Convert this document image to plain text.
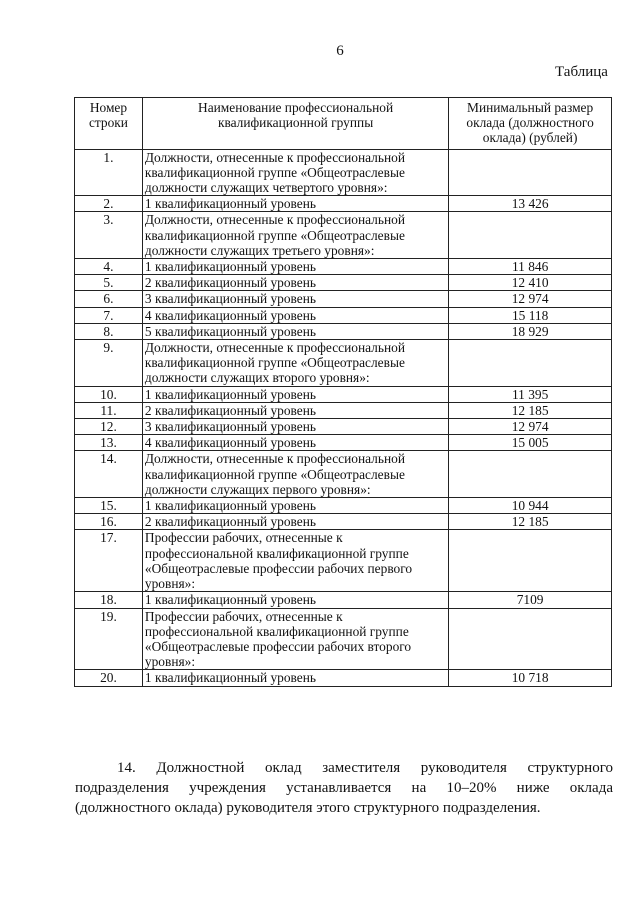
6
Таблица
Номер строки	Наименование профессиональной квалификационной группы	Минимальный размер оклада (должностного оклада) (рублей)
1.	Должности, отнесенные к профессиональной квалификационной группе «Общеотраслевые должности служащих четвертого уровня»:	
2.	1 квалификационный уровень	13 426
3.	Должности, отнесенные к профессиональной квалификационной группе «Общеотраслевые должности служащих третьего уровня»:	
4.	1 квалификационный уровень	11 846
5.	2 квалификационный уровень	12 410
6.	3 квалификационный уровень	12 974
7.	4 квалификационный уровень	15 118
8.	5 квалификационный уровень	18 929
9.	Должности, отнесенные к профессиональной квалификационной группе «Общеотраслевые должности служащих второго уровня»:	
10.	1 квалификационный уровень	11 395
11.	2 квалификационный уровень	12 185
12.	3 квалификационный уровень	12 974
13.	4 квалификационный уровень	15 005
14.	Должности, отнесенные к профессиональной квалификационной группе «Общеотраслевые должности служащих первого уровня»:	
15.	1 квалификационный уровень	10 944
16.	2 квалификационный уровень	12 185
17.	Профессии рабочих, отнесенные к профессиональной квалификационной группе «Общеотраслевые профессии рабочих первого уровня»:	
18.	1 квалификационный уровень	7109
19.	Профессии рабочих, отнесенные к профессиональной квалификационной группе «Общеотраслевые профессии рабочих второго уровня»:	
20.	1 квалификационный уровень	10 718
14. Должностной оклад заместителя руководителя структурного подразделения учреждения устанавливается на 10–20% ниже оклада (должностного оклада) руководителя этого структурного подразделения.
